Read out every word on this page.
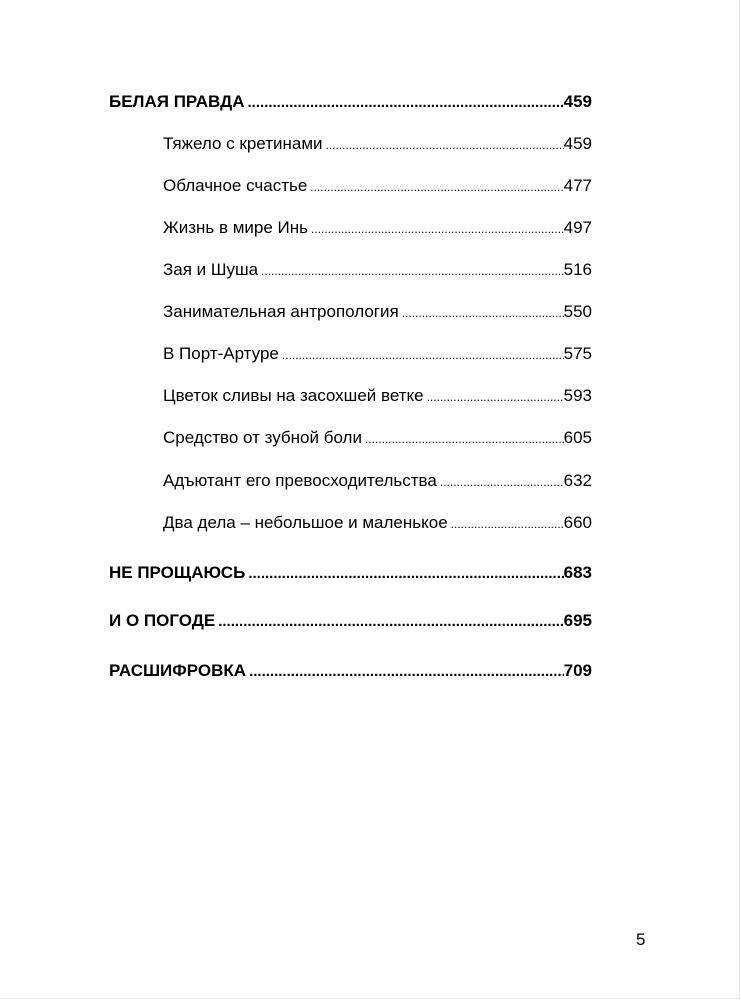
БЕЛАЯ ПРАВДА .....	459
Тяжело с кретинами .....	459
Облачное счастье .....	477
Жизнь в мире Инь .....	497
Зая и Шуша .....	516
Занимательная антропология .....	550
В Порт-Артуре .....	575
Цветок сливы на засохшей ветке .....	593
Средство от зубной боли .....	605
Адъютант его превосходительства .....	632
Два дела – небольшое и маленькое .....	660
НЕ ПРОЩАЮСЬ .....	683
И О ПОГОДЕ .....	695
РАСШИФРОВКА .....	709
5
